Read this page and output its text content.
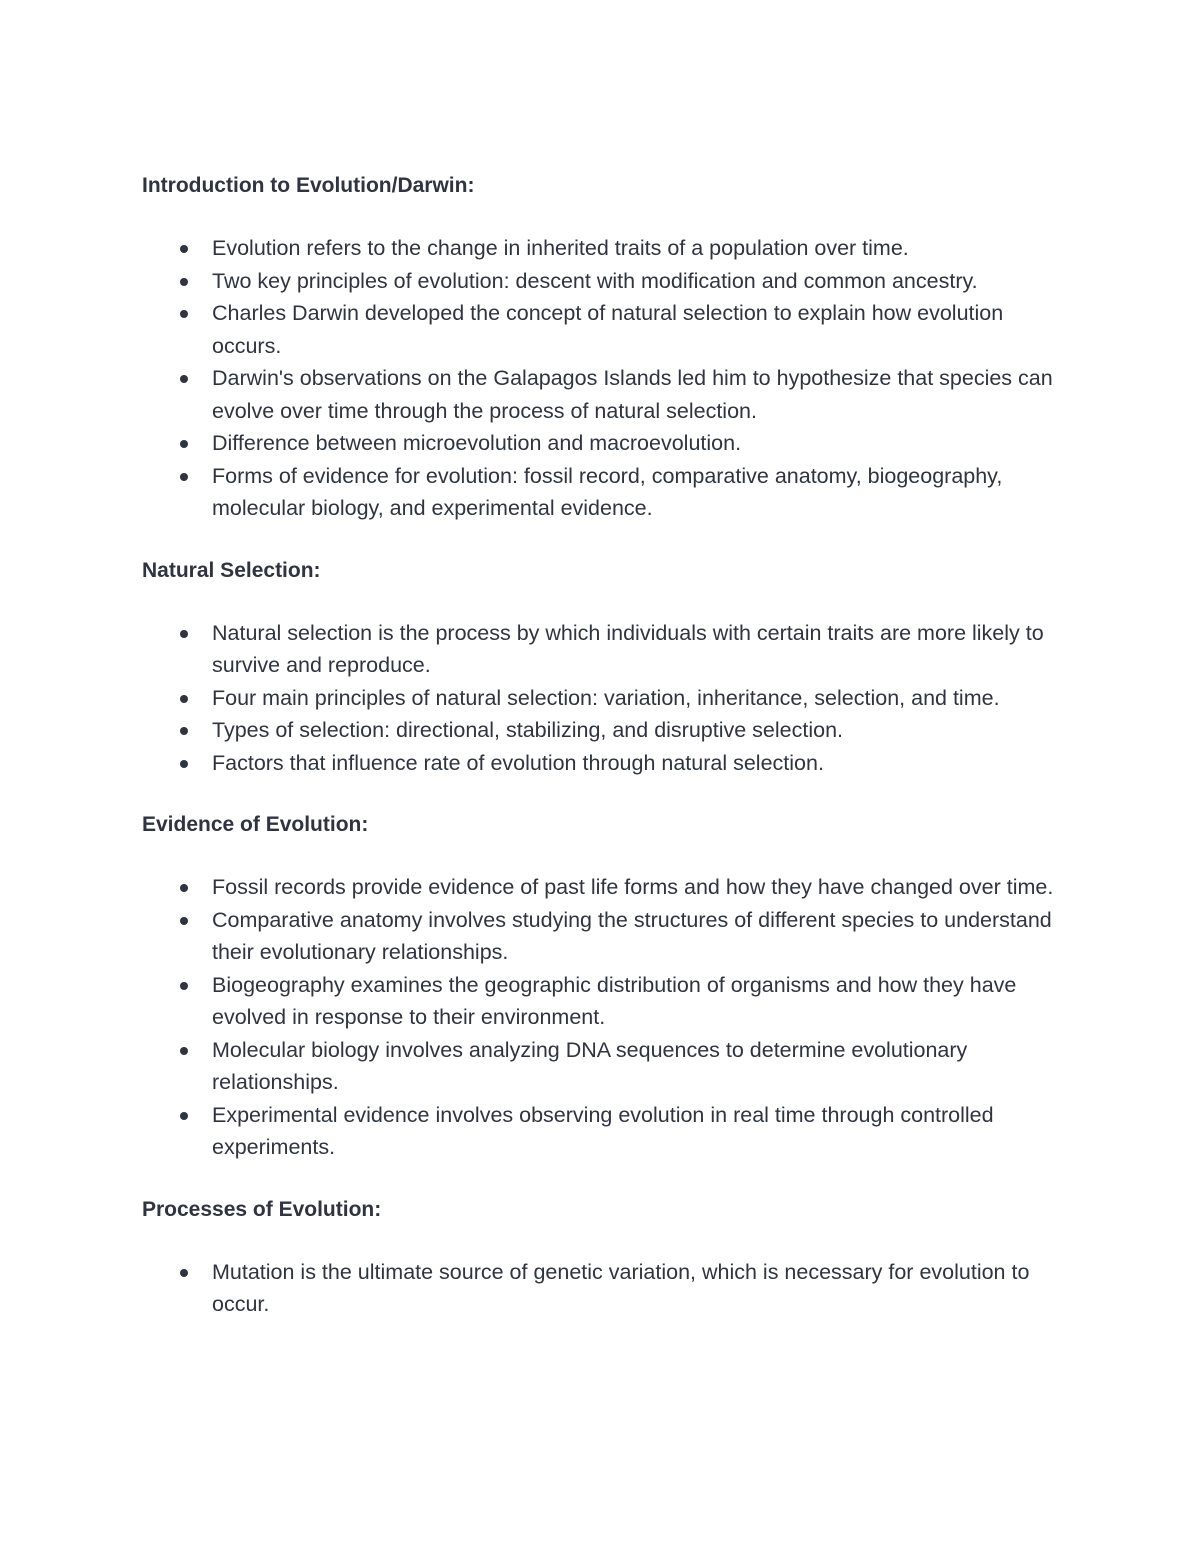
Introduction to Evolution/Darwin:
Evolution refers to the change in inherited traits of a population over time.
Two key principles of evolution: descent with modification and common ancestry.
Charles Darwin developed the concept of natural selection to explain how evolution occurs.
Darwin's observations on the Galapagos Islands led him to hypothesize that species can evolve over time through the process of natural selection.
Difference between microevolution and macroevolution.
Forms of evidence for evolution: fossil record, comparative anatomy, biogeography, molecular biology, and experimental evidence.
Natural Selection:
Natural selection is the process by which individuals with certain traits are more likely to survive and reproduce.
Four main principles of natural selection: variation, inheritance, selection, and time.
Types of selection: directional, stabilizing, and disruptive selection.
Factors that influence rate of evolution through natural selection.
Evidence of Evolution:
Fossil records provide evidence of past life forms and how they have changed over time.
Comparative anatomy involves studying the structures of different species to understand their evolutionary relationships.
Biogeography examines the geographic distribution of organisms and how they have evolved in response to their environment.
Molecular biology involves analyzing DNA sequences to determine evolutionary relationships.
Experimental evidence involves observing evolution in real time through controlled experiments.
Processes of Evolution:
Mutation is the ultimate source of genetic variation, which is necessary for evolution to occur.
